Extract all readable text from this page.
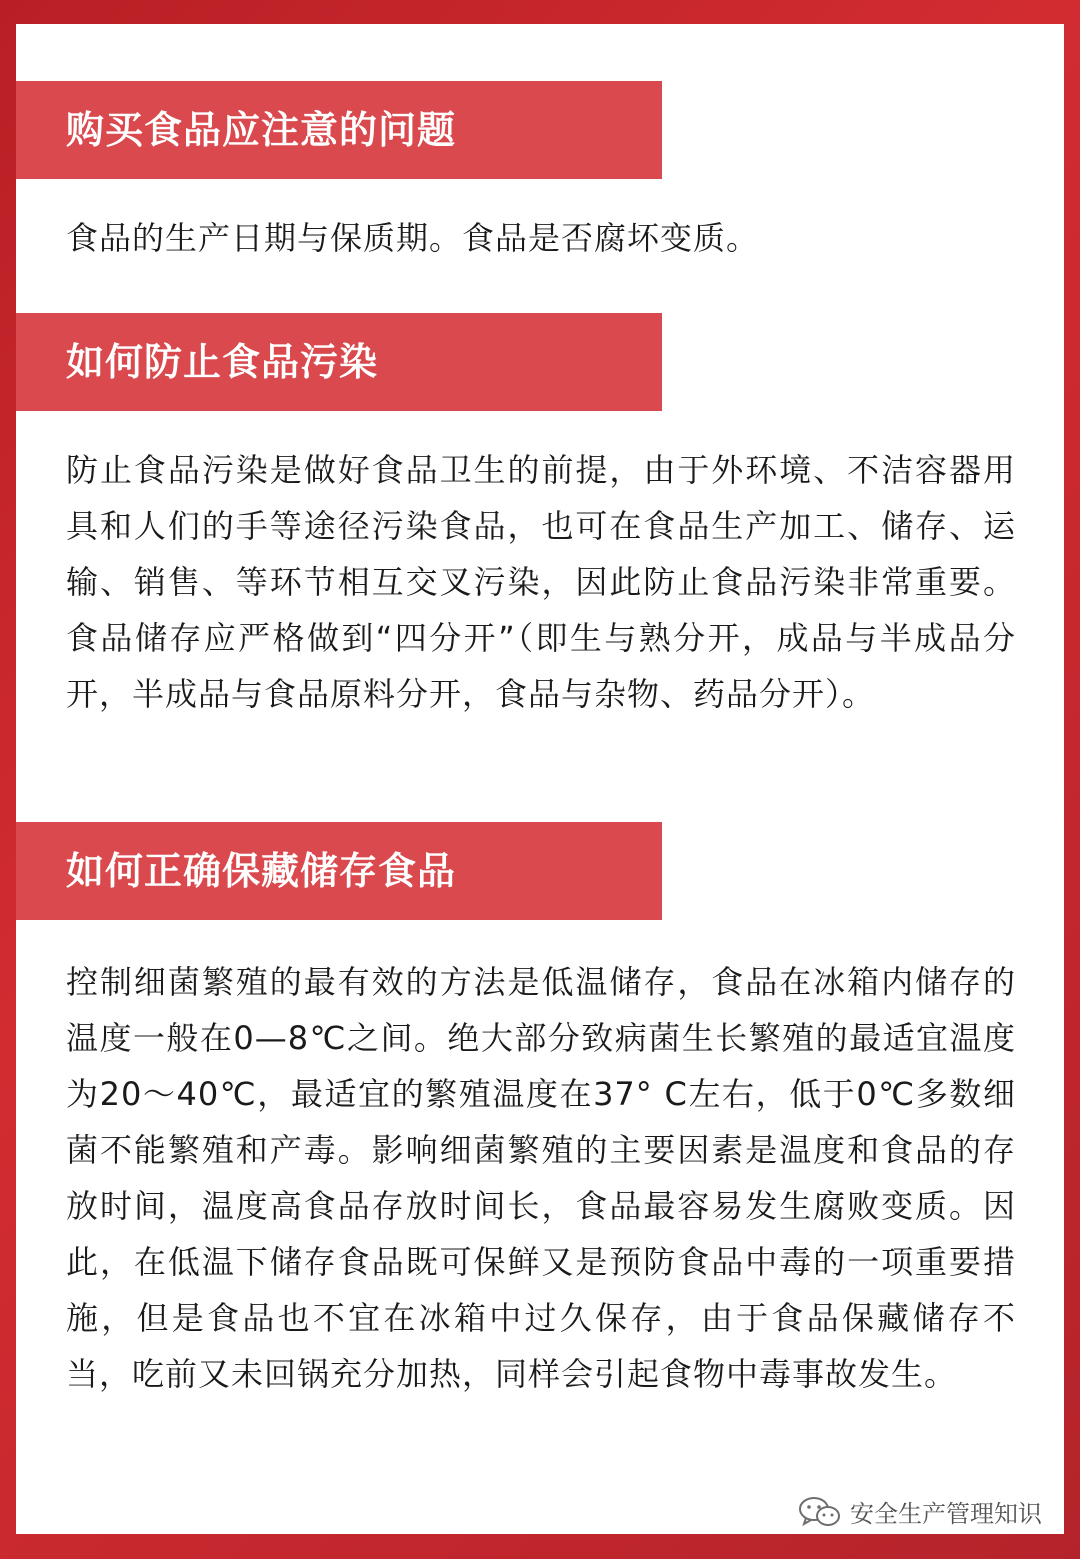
购买食品应注意的问题

食品的生产日期与保质期。食品是否腐坏变质。

如何防止食品污染

防止食品污染是做好食品卫生的前提，由于外环境、不洁容器用具和人们的手等途径污染食品，也可在食品生产加工、储存、运输、销售、等环节相互交叉污染，因此防止食品污染非常重要。食品储存应严格做到“四分开”（即生与熟分开，成品与半成品分开，半成品与食品原料分开，食品与杂物、药品分开）。

如何正确保藏储存食品

控制细菌繁殖的最有效的方法是低温储存，食品在冰箱内储存的温度一般在0—8℃之间。绝大部分致病菌生长繁殖的最适宜温度为20～40℃，最适宜的繁殖温度在37° C左右，低于0℃多数细菌不能繁殖和产毒。影响细菌繁殖的主要因素是温度和食品的存放时间，温度高食品存放时间长，食品最容易发生腐败变质。因此，在低温下储存食品既可保鲜又是预防食品中毒的一项重要措施，但是食品也不宜在冰箱中过久保存，由于食品保藏储存不当，吃前又未回锅充分加热，同样会引起食物中毒事故发生。

安全生产管理知识
